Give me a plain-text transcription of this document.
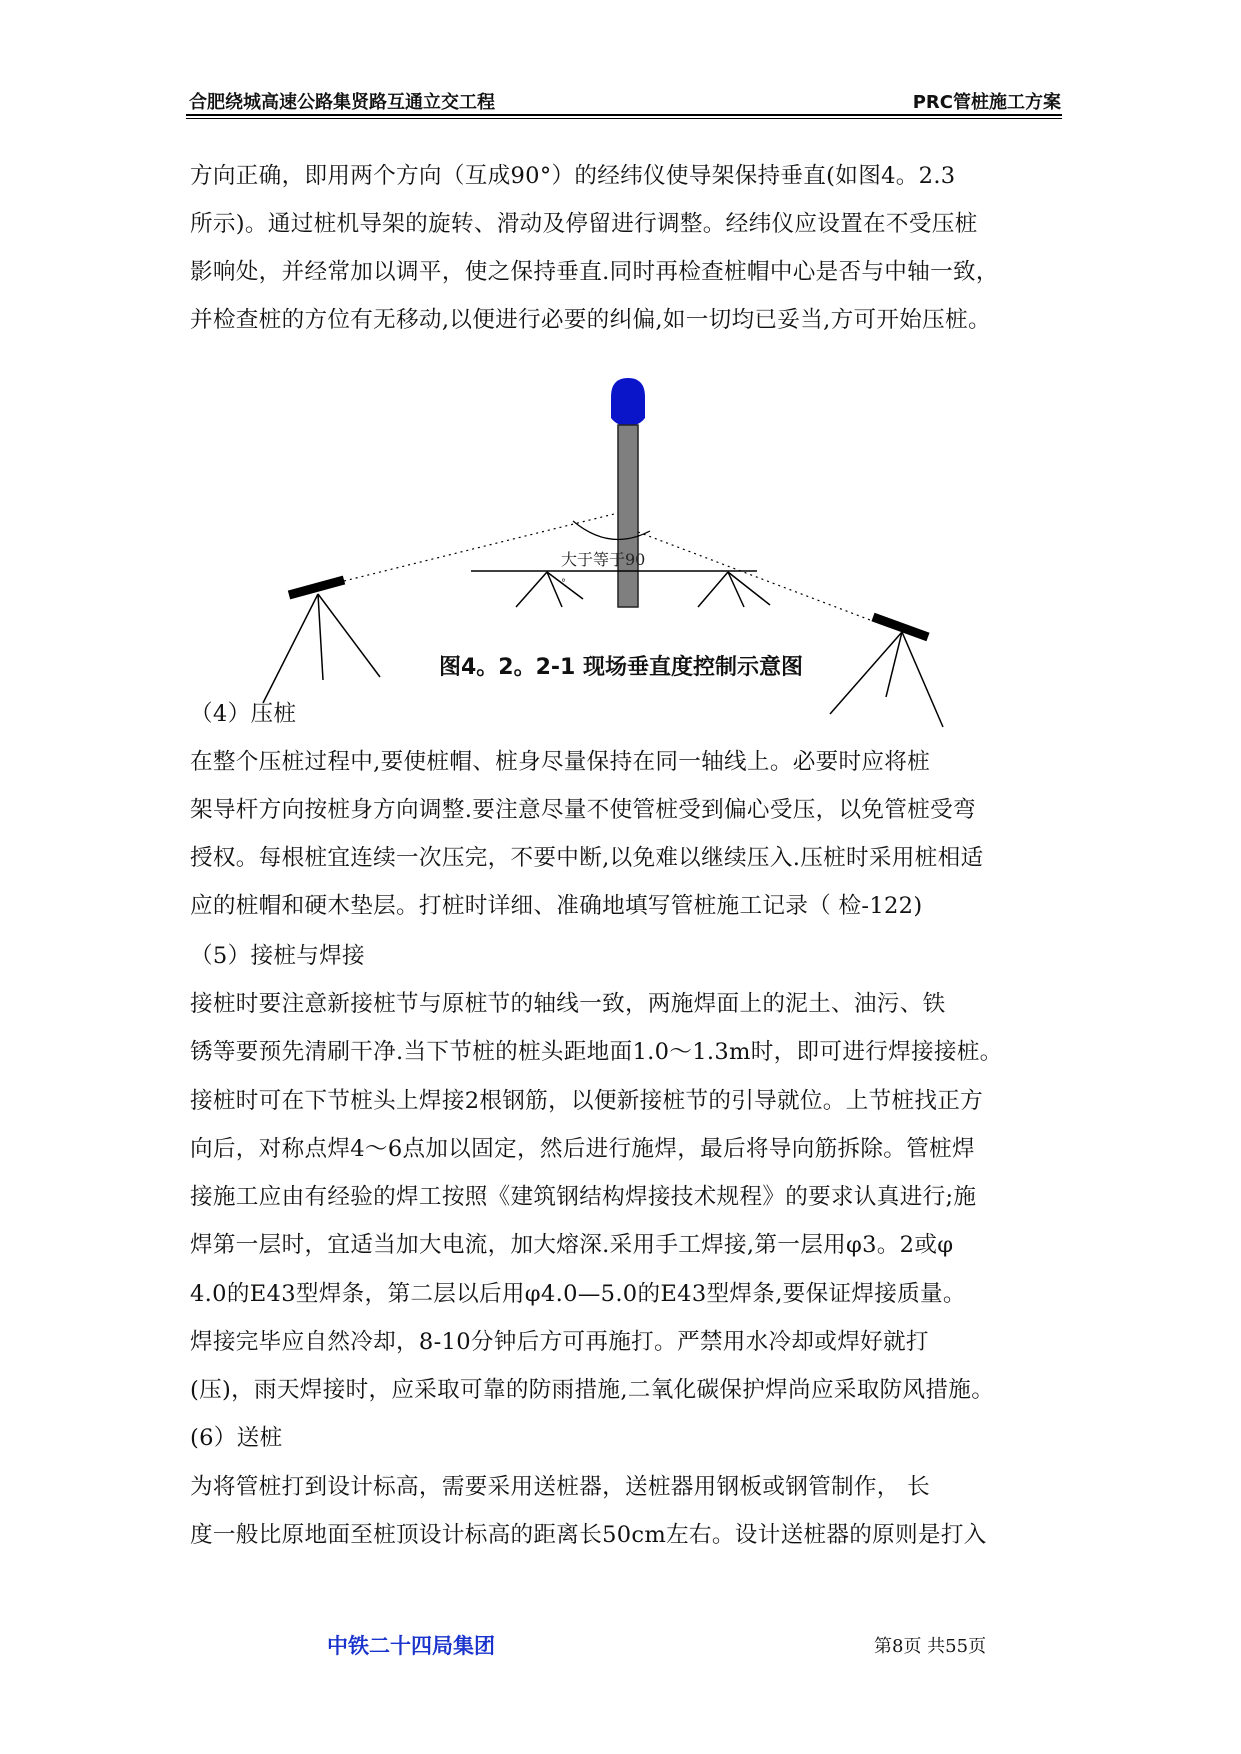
合肥绕城高速公路集贤路互通立交工程	PRC管桩施工方案
方向正确，即用两个方向（互成90°）的经纬仪使导架保持垂直(如图4。2.3
所示)。通过桩机导架的旋转、滑动及停留进行调整。经纬仪应设置在不受压桩
影响处，并经常加以调平，使之保持垂直.同时再检查桩帽中心是否与中轴一致，
并检查桩的方位有无移动,以便进行必要的纠偏,如一切均已妥当,方可开始压桩。
大于等于90
°
图4。2。2-1 现场垂直度控制示意图
（4）压桩
在整个压桩过程中,要使桩帽、桩身尽量保持在同一轴线上。必要时应将桩
架导杆方向按桩身方向调整.要注意尽量不使管桩受到偏心受压，以免管桩受弯
授权。每根桩宜连续一次压完，不要中断,以免难以继续压入.压桩时采用桩相适
应的桩帽和硬木垫层。打桩时详细、准确地填写管桩施工记录（ 检-122)
（5）接桩与焊接
接桩时要注意新接桩节与原桩节的轴线一致，两施焊面上的泥土、油污、铁
锈等要预先清刷干净.当下节桩的桩头距地面1.0～1.3m时，即可进行焊接接桩。
接桩时可在下节桩头上焊接2根钢筋，以便新接桩节的引导就位。上节桩找正方
向后，对称点焊4～6点加以固定，然后进行施焊，最后将导向筋拆除。管桩焊
接施工应由有经验的焊工按照《建筑钢结构焊接技术规程》的要求认真进行;施
焊第一层时，宜适当加大电流，加大熔深.采用手工焊接,第一层用φ3。2或φ
4.0的E43型焊条，第二层以后用φ4.0—5.0的E43型焊条,要保证焊接质量。
焊接完毕应自然冷却，8-10分钟后方可再施打。严禁用水冷却或焊好就打
(压)，雨天焊接时，应采取可靠的防雨措施,二氧化碳保护焊尚应采取防风措施。
(6）送桩
为将管桩打到设计标高，需要采用送桩器，送桩器用钢板或钢管制作， 长
度一般比原地面至桩顶设计标高的距离长50cm左右。设计送桩器的原则是打入
中铁二十四局集团	第8页 共55页
